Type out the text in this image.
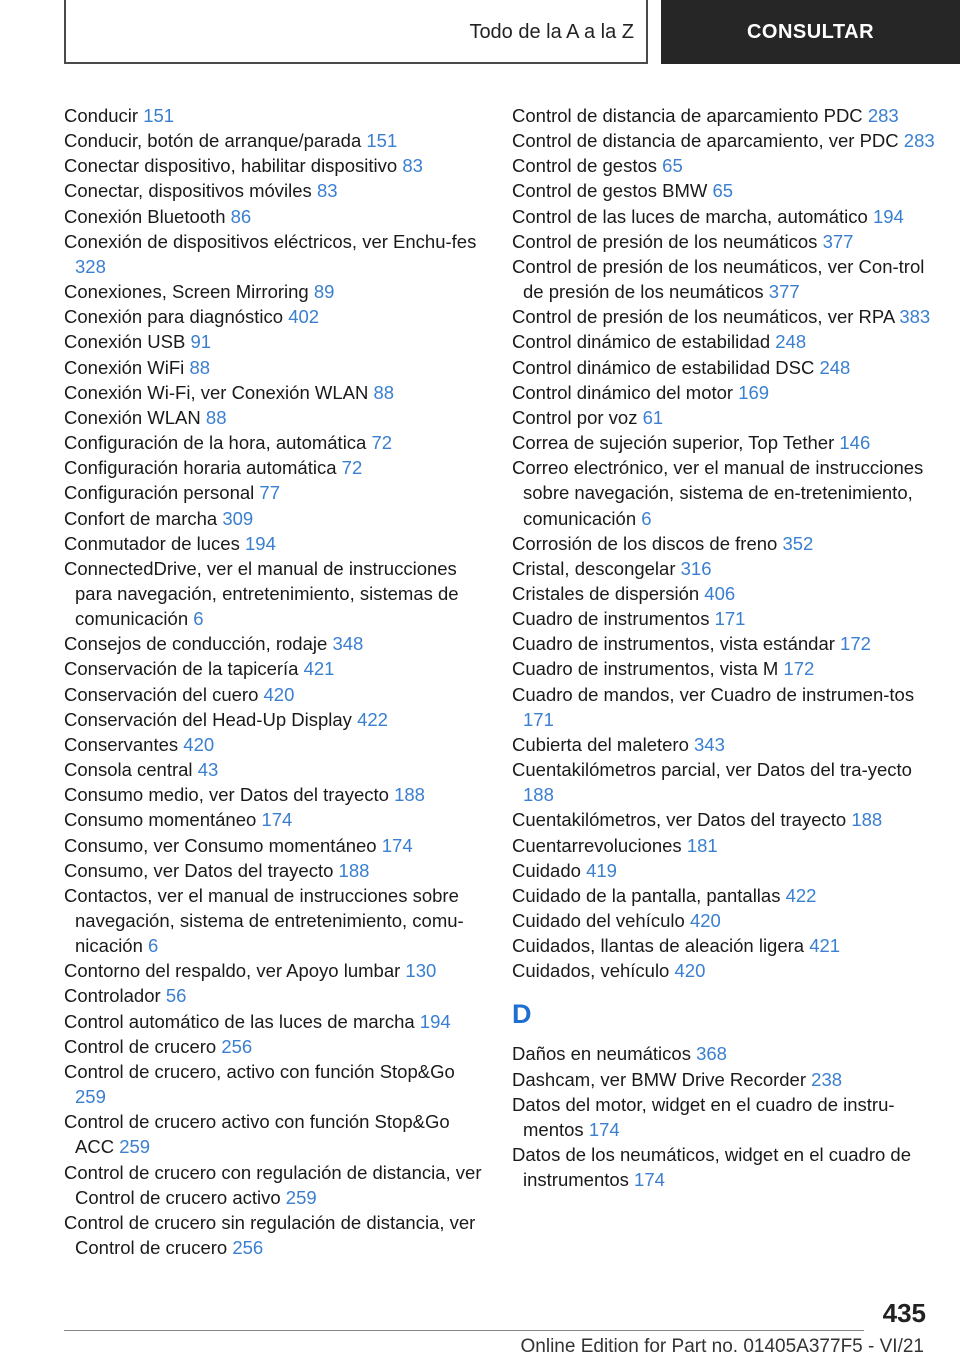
Todo de la A a la Z	CONSULTAR
Conducir 151
Conducir, botón de arranque/parada 151
Conectar dispositivo, habilitar dispositivo 83
Conectar, dispositivos móviles 83
Conexión Bluetooth 86
Conexión de dispositivos eléctricos, ver Enchu-fes 328
Conexiones, Screen Mirroring 89
Conexión para diagnóstico 402
Conexión USB 91
Conexión WiFi 88
Conexión Wi-Fi, ver Conexión WLAN 88
Conexión WLAN 88
Configuración de la hora, automática 72
Configuración horaria automática 72
Configuración personal 77
Confort de marcha 309
Conmutador de luces 194
ConnectedDrive, ver el manual de instrucciones para navegación, entretenimiento, sistemas de comunicación 6
Consejos de conducción, rodaje 348
Conservación de la tapicería 421
Conservación del cuero 420
Conservación del Head-Up Display 422
Conservantes 420
Consola central 43
Consumo medio, ver Datos del trayecto 188
Consumo momentáneo 174
Consumo, ver Consumo momentáneo 174
Consumo, ver Datos del trayecto 188
Contactos, ver el manual de instrucciones sobre navegación, sistema de entretenimiento, comu-nicación 6
Contorno del respaldo, ver Apoyo lumbar 130
Controlador 56
Control automático de las luces de marcha 194
Control de crucero 256
Control de crucero, activo con función Stop&Go 259
Control de crucero activo con función Stop&Go ACC 259
Control de crucero con regulación de distancia, ver Control de crucero activo 259
Control de crucero sin regulación de distancia, ver Control de crucero 256
Control de distancia de aparcamiento PDC 283
Control de distancia de aparcamiento, ver PDC 283
Control de gestos 65
Control de gestos BMW 65
Control de las luces de marcha, automático 194
Control de presión de los neumáticos 377
Control de presión de los neumáticos, ver Con-trol de presión de los neumáticos 377
Control de presión de los neumáticos, ver RPA 383
Control dinámico de estabilidad 248
Control dinámico de estabilidad DSC 248
Control dinámico del motor 169
Control por voz 61
Correa de sujeción superior, Top Tether 146
Correo electrónico, ver el manual de instrucciones sobre navegación, sistema de en-tretenimiento, comunicación 6
Corrosión de los discos de freno 352
Cristal, descongelar 316
Cristales de dispersión 406
Cuadro de instrumentos 171
Cuadro de instrumentos, vista estándar 172
Cuadro de instrumentos, vista M 172
Cuadro de mandos, ver Cuadro de instrumen-tos 171
Cubierta del maletero 343
Cuentakilómetros parcial, ver Datos del tra-yecto 188
Cuentakilómetros, ver Datos del trayecto 188
Cuentarrevoluciones 181
Cuidado 419
Cuidado de la pantalla, pantallas 422
Cuidado del vehículo 420
Cuidados, llantas de aleación ligera 421
Cuidados, vehículo 420
D
Daños en neumáticos 368
Dashcam, ver BMW Drive Recorder 238
Datos del motor, widget en el cuadro de instru-mentos 174
Datos de los neumáticos, widget en el cuadro de instrumentos 174
435
Online Edition for Part no. 01405A377F5 - VI/21
